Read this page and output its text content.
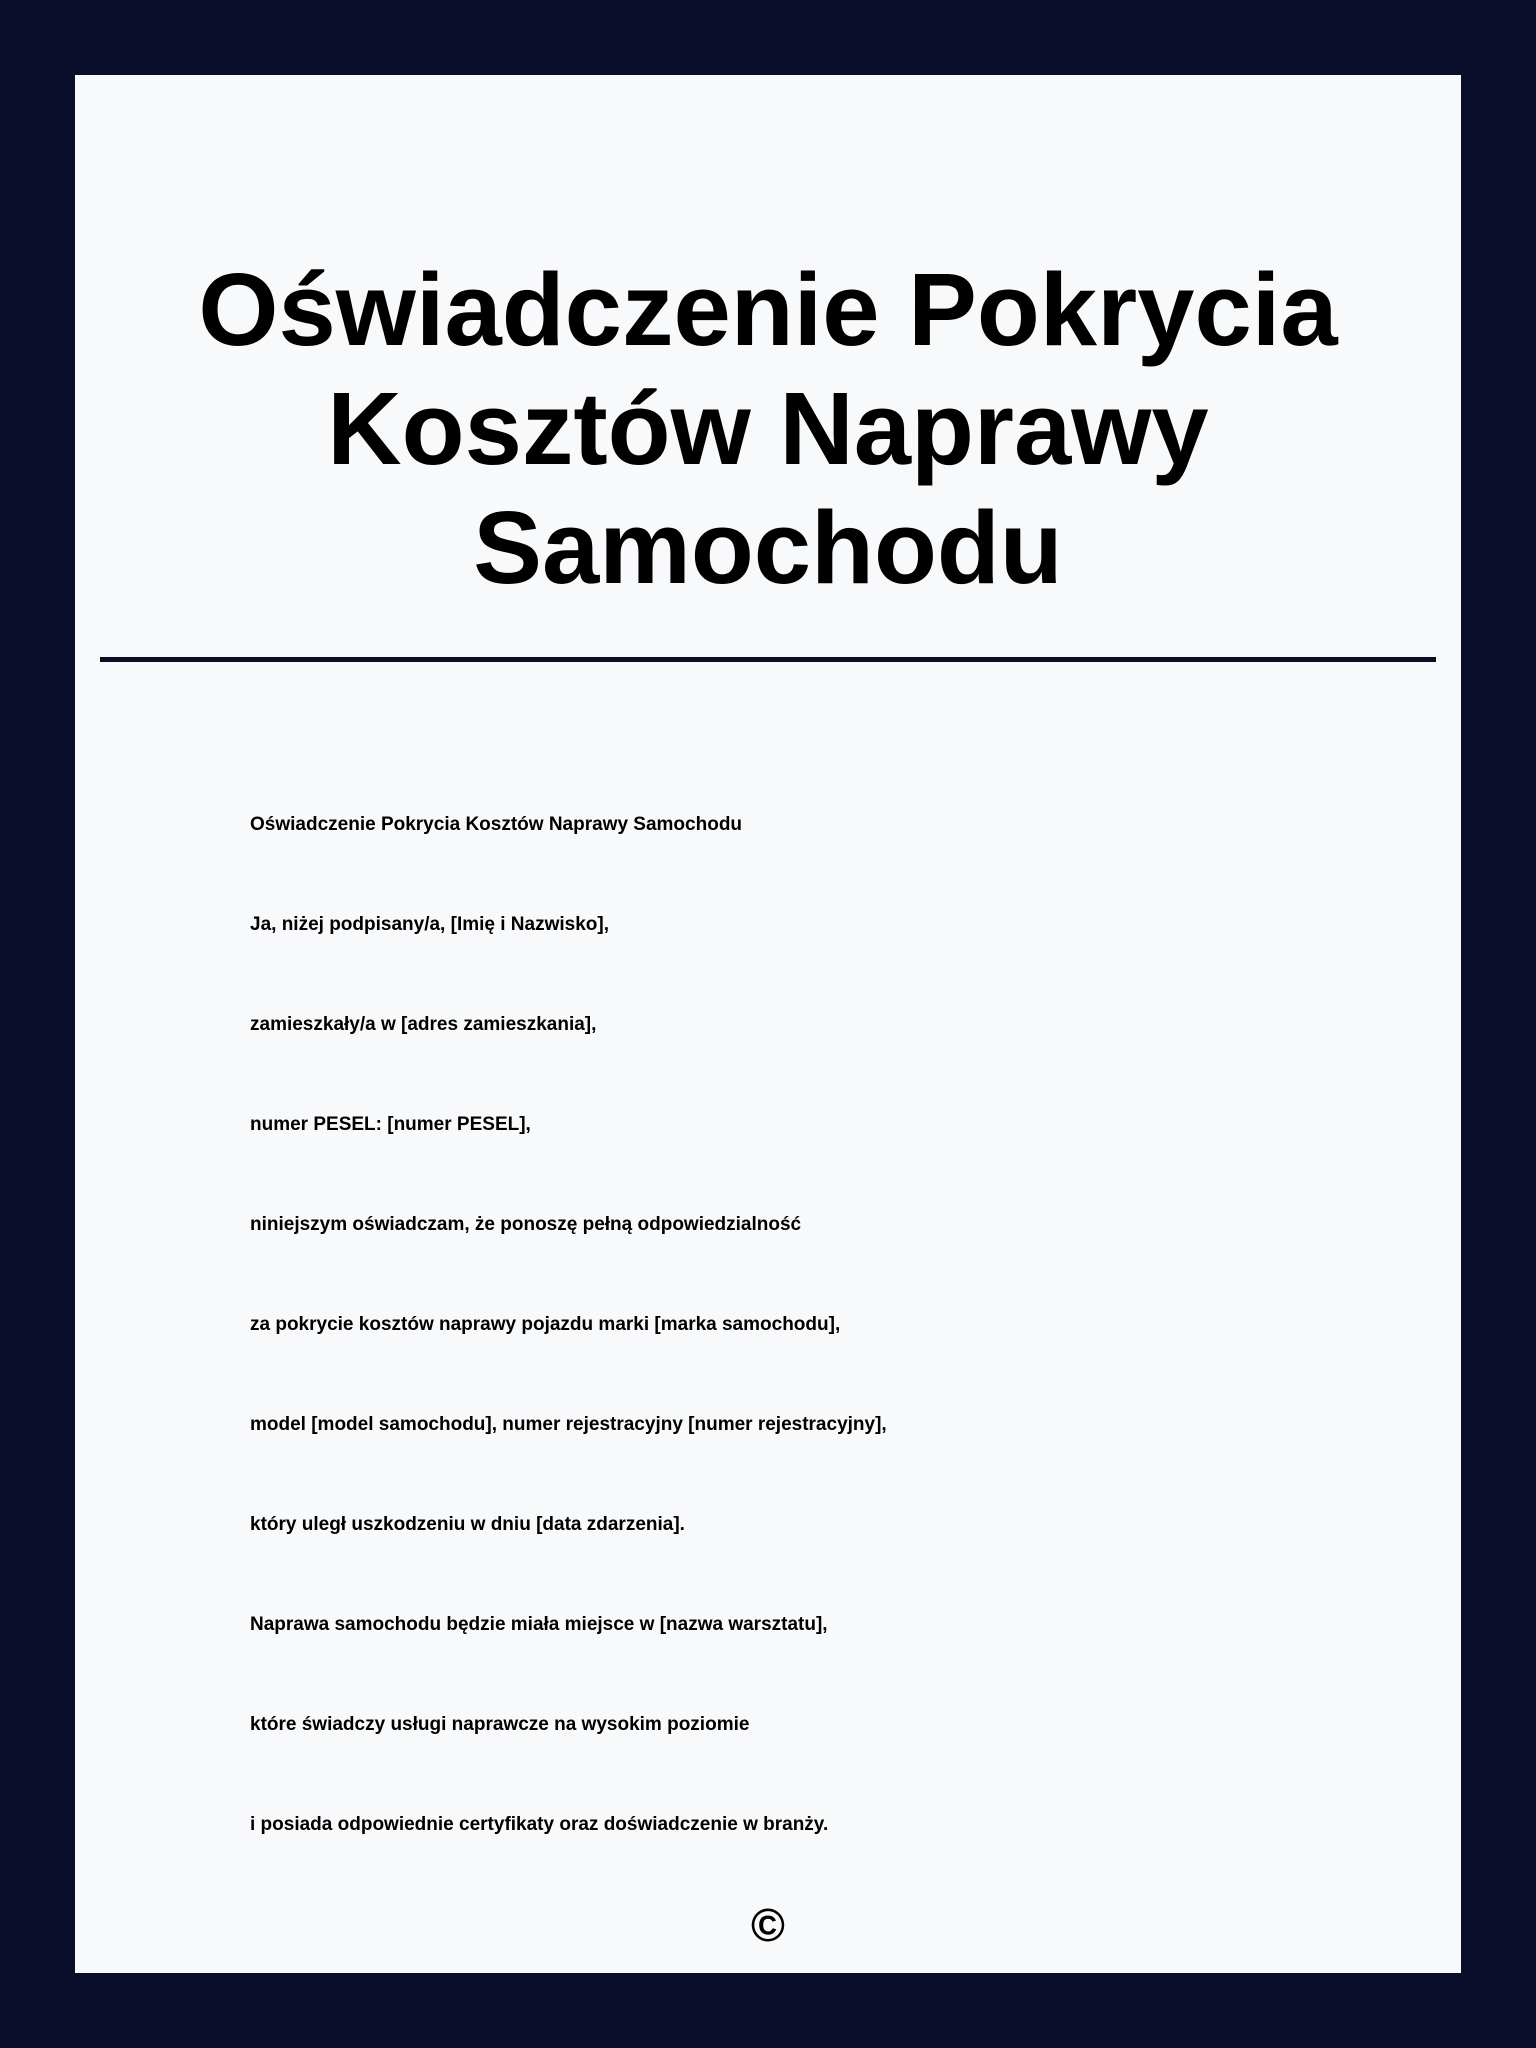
Oświadczenie Pokrycia
Kosztów Naprawy
Samochodu
Oświadczenie Pokrycia Kosztów Naprawy Samochodu
Ja, niżej podpisany/a, [Imię i Nazwisko],
zamieszkały/a w [adres zamieszkania],
numer PESEL: [numer PESEL],
niniejszym oświadczam, że ponoszę pełną odpowiedzialność
za pokrycie kosztów naprawy pojazdu marki [marka samochodu],
model [model samochodu], numer rejestracyjny [numer rejestracyjny],
który uległ uszkodzeniu w dniu [data zdarzenia].
Naprawa samochodu będzie miała miejsce w [nazwa warsztatu],
które świadczy usługi naprawcze na wysokim poziomie
i posiada odpowiednie certyfikaty oraz doświadczenie w branży.
©
